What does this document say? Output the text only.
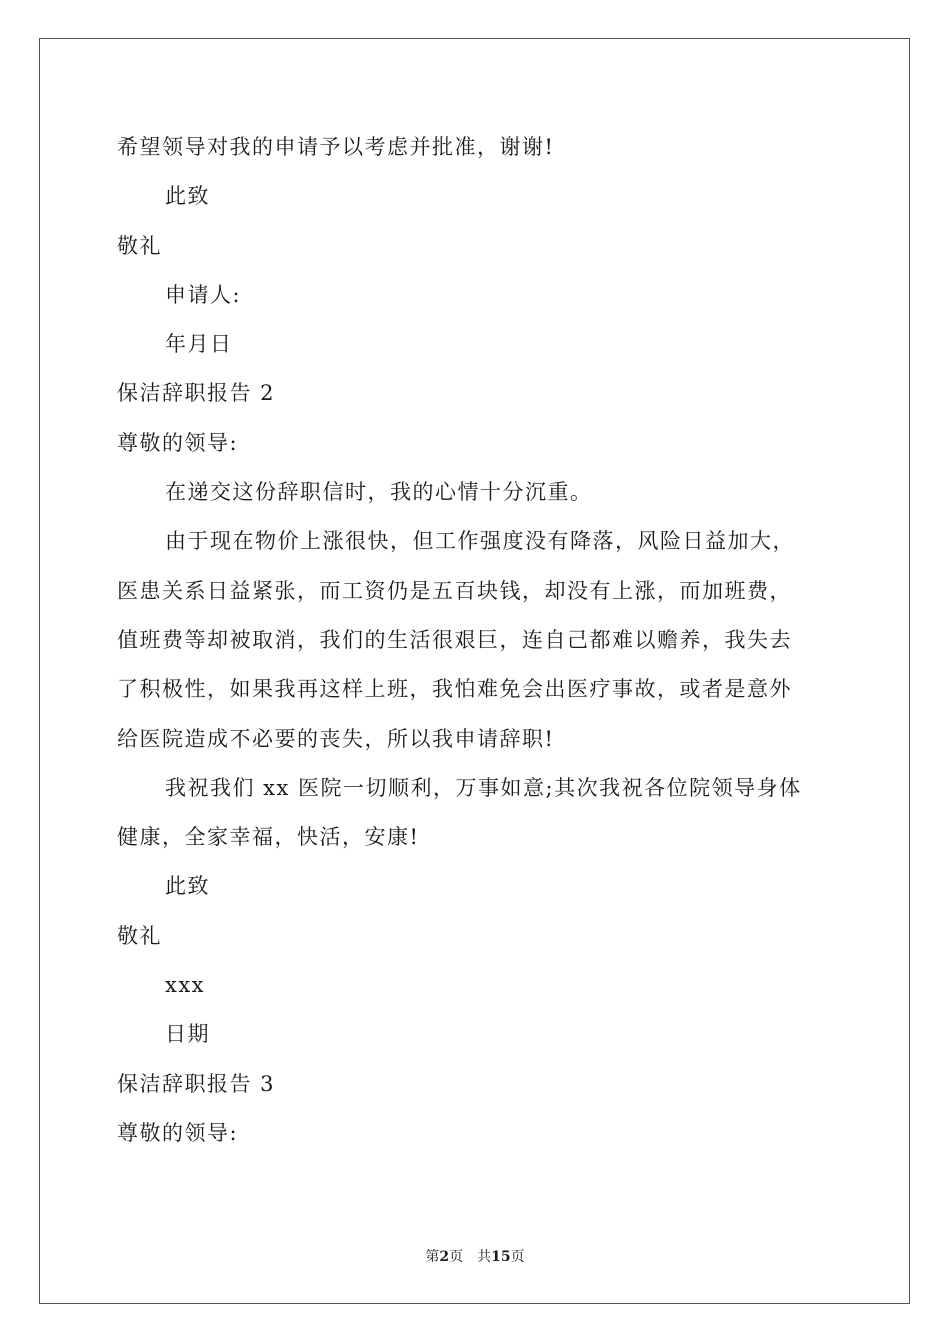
希望领导对我的申请予以考虑并批准，谢谢!
此致
敬礼
申请人:
年月日
保洁辞职报告 2
尊敬的领导:
在递交这份辞职信时，我的心情十分沉重。
由于现在物价上涨很快，但工作强度没有降落，风险日益加大，
医患关系日益紧张，而工资仍是五百块钱，却没有上涨，而加班费，
值班费等却被取消，我们的生活很艰巨，连自己都难以赡养，我失去
了积极性，如果我再这样上班，我怕难免会出医疗事故，或者是意外
给医院造成不必要的丧失，所以我申请辞职!
我祝我们 xx 医院一切顺利，万事如意;其次我祝各位院领导身体
健康，全家幸福，快活，安康!
此致
敬礼
xxx
日期
保洁辞职报告 3
尊敬的领导:
第2页 共15页
